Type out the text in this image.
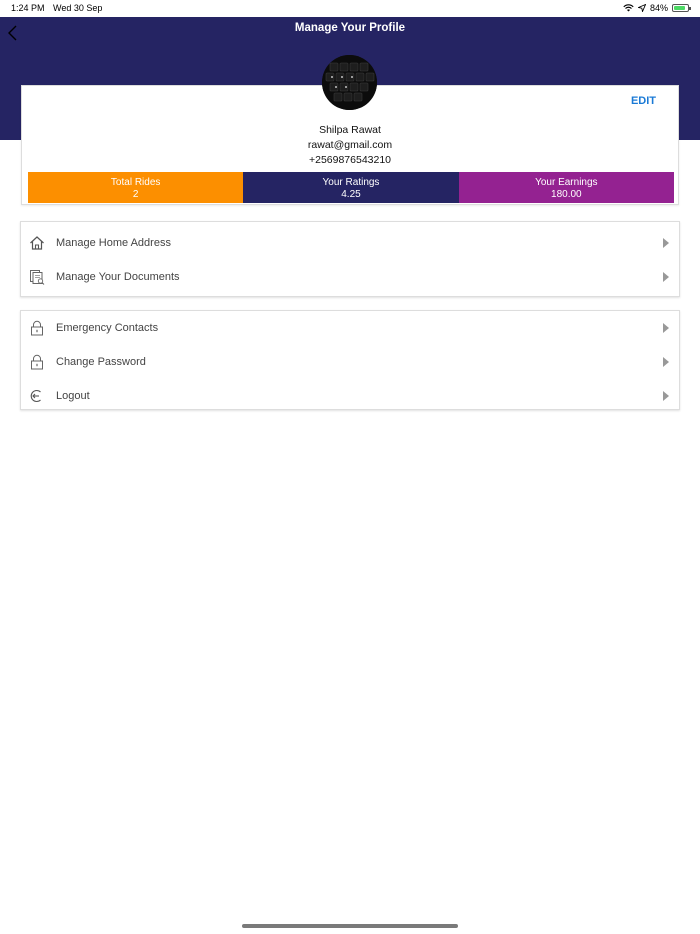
1:24 PM Wed 30 Sep	84%
Manage Your Profile
EDIT
Shilpa Rawat
rawat@gmail.com
+2569876543210
Total Rides
2
Your Ratings
4.25
Your Earnings
180.00
Manage Home Address
Manage Your Documents
Emergency Contacts
Change Password
Logout
